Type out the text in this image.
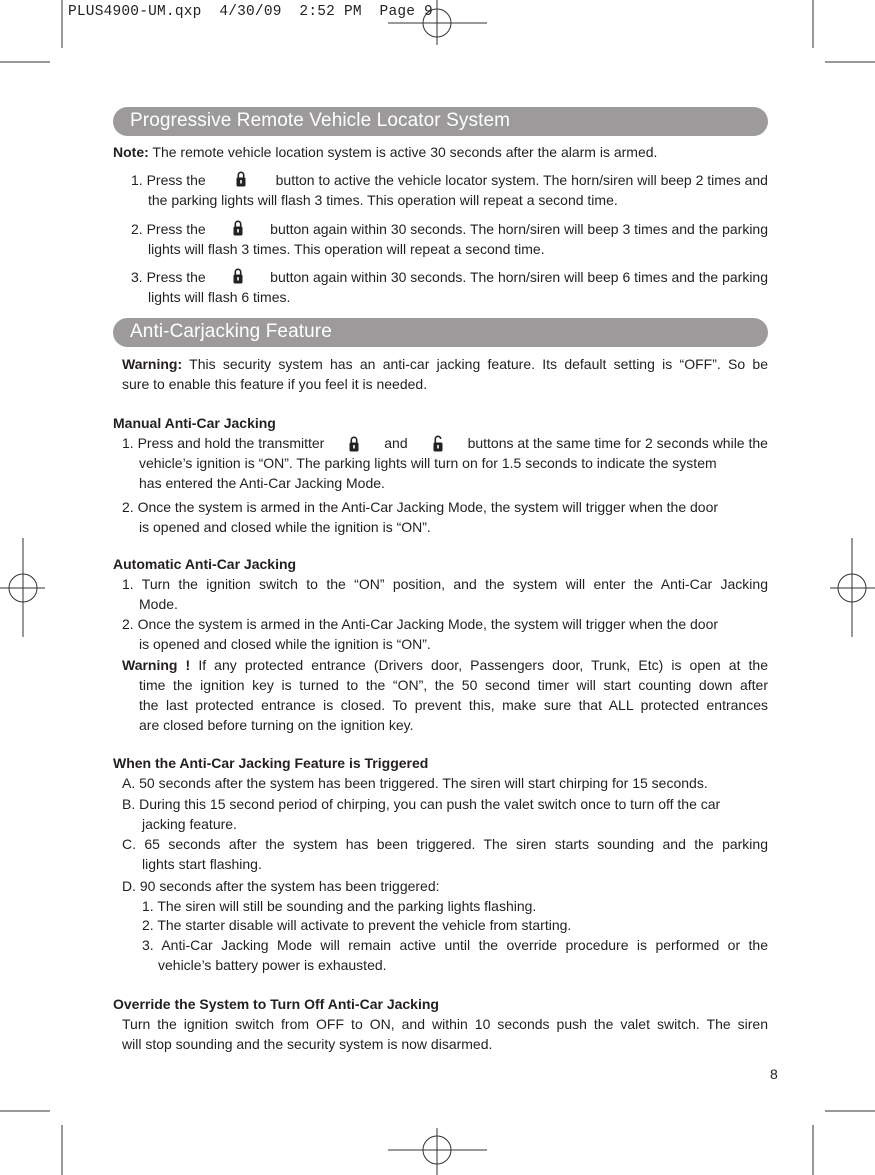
PLUS4900-UM.qxp  4/30/09  2:52 PM  Page 9
Progressive Remote Vehicle Locator System
Note: The remote vehicle location system is active 30 seconds after the alarm is armed.
1. Press the	button to active the vehicle locator system. The horn/siren will beep 2 times and
the parking lights will flash 3 times. This operation will repeat a second time.
2. Press the	button again within 30 seconds. The horn/siren will beep 3 times and the parking
lights will flash 3 times. This operation will repeat a second time.
3. Press the	button again within 30 seconds. The horn/siren will beep 6 times and the parking
lights will flash 6 times.
Anti-Carjacking Feature
Warning: This security system has an anti-car jacking feature. Its default setting is “OFF”. So be
sure to enable this feature if you feel it is needed.
Manual Anti-Car Jacking
1. Press and hold the transmitter	and	buttons at the same time for 2 seconds while the
vehicle’s ignition is “ON”. The parking lights will turn on for 1.5 seconds to indicate the system
has entered the Anti-Car Jacking Mode.
2. Once the system is armed in the Anti-Car Jacking Mode, the system will trigger when the door
is opened and closed while the ignition is “ON”.
Automatic Anti-Car Jacking
1. Turn the ignition switch to the “ON” position, and the system will enter the Anti-Car Jacking
Mode.
2. Once the system is armed in the Anti-Car Jacking Mode, the system will trigger when the door
is opened and closed while the ignition is “ON”.
Warning ! If any protected entrance (Drivers door, Passengers door, Trunk, Etc) is open at the
time the ignition key is turned to the “ON”, the 50 second timer will start counting down after
the last protected entrance is closed. To prevent this, make sure that ALL protected entrances
are closed before turning on the ignition key.
When the Anti-Car Jacking Feature is Triggered
A. 50 seconds after the system has been triggered. The siren will start chirping for 15 seconds.
B. During this 15 second period of chirping, you can push the valet switch once to turn off the car
jacking feature.
C. 65 seconds after the system has been triggered. The siren starts sounding and the parking
lights start flashing.
D. 90 seconds after the system has been triggered:
1. The siren will still be sounding and the parking lights flashing.
2. The starter disable will activate to prevent the vehicle from starting.
3. Anti-Car Jacking Mode will remain active until the override procedure is performed or the
vehicle’s battery power is exhausted.
Override the System to Turn Off Anti-Car Jacking
Turn the ignition switch from OFF to ON, and within 10 seconds push the valet switch. The siren
will stop sounding and the security system is now disarmed.
8
